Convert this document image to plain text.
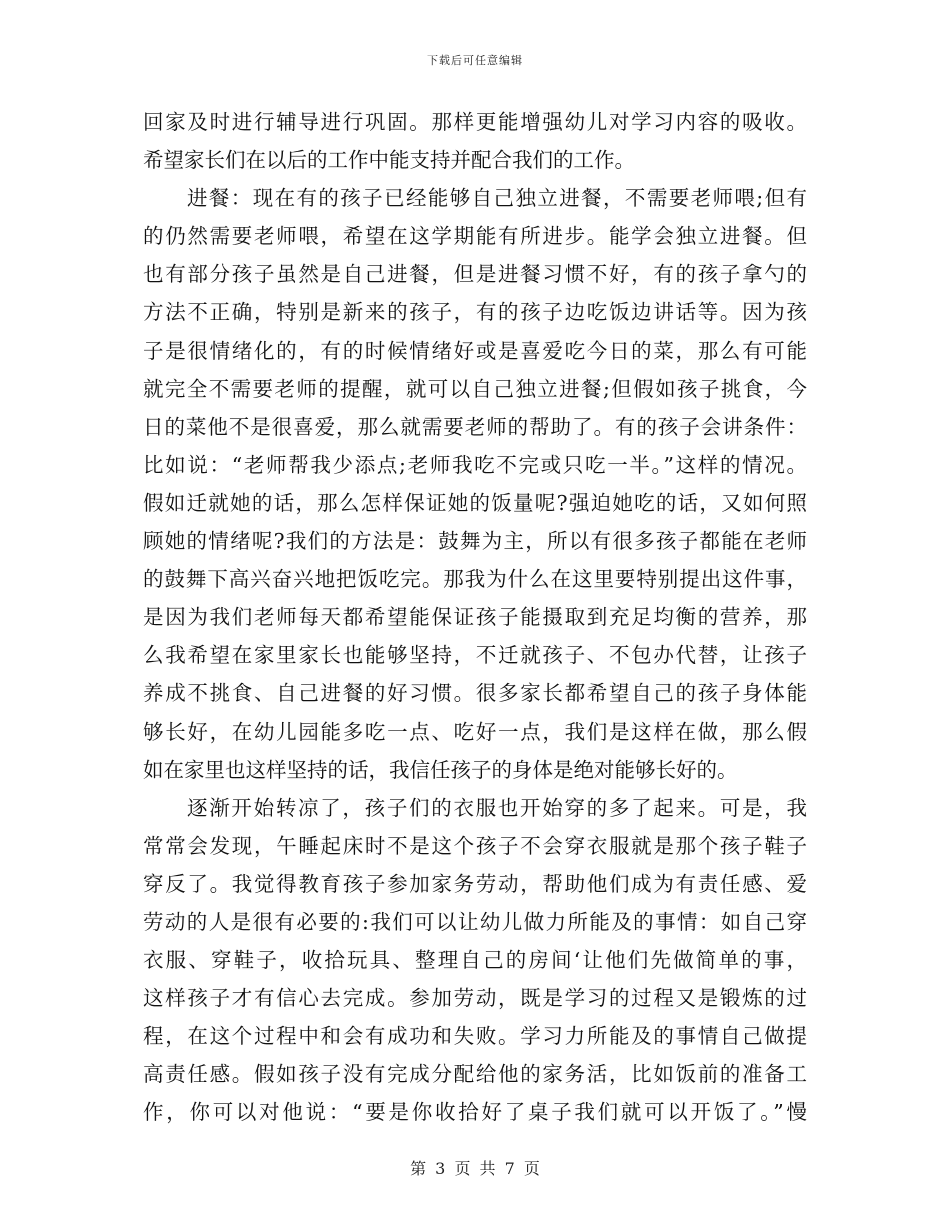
下载后可任意编辑
回家及时进行辅导进行巩固。那样更能增强幼儿对学习内容的吸收。
希望家长们在以后的工作中能支持并配合我们的工作。
进餐：现在有的孩子已经能够自己独立进餐，不需要老师喂;但有
的仍然需要老师喂，希望在这学期能有所进步。能学会独立进餐。但
也有部分孩子虽然是自己进餐，但是进餐习惯不好，有的孩子拿勺的
方法不正确，特别是新来的孩子，有的孩子边吃饭边讲话等。因为孩
子是很情绪化的，有的时候情绪好或是喜爱吃今日的菜，那么有可能
就完全不需要老师的提醒，就可以自己独立进餐;但假如孩子挑食，今
日的菜他不是很喜爱，那么就需要老师的帮助了。有的孩子会讲条件：
比如说：“老师帮我少添点;老师我吃不完或只吃一半。”这样的情况。
假如迁就她的话，那么怎样保证她的饭量呢?强迫她吃的话，又如何照
顾她的情绪呢?我们的方法是：鼓舞为主，所以有很多孩子都能在老师
的鼓舞下高兴奋兴地把饭吃完。那我为什么在这里要特别提出这件事，
是因为我们老师每天都希望能保证孩子能摄取到充足均衡的营养，那
么我希望在家里家长也能够坚持，不迁就孩子、不包办代替，让孩子
养成不挑食、自己进餐的好习惯。很多家长都希望自己的孩子身体能
够长好，在幼儿园能多吃一点、吃好一点，我们是这样在做，那么假
如在家里也这样坚持的话，我信任孩子的身体是绝对能够长好的。
逐渐开始转凉了，孩子们的衣服也开始穿的多了起来。可是，我
常常会发现，午睡起床时不是这个孩子不会穿衣服就是那个孩子鞋子
穿反了。我觉得教育孩子参加家务劳动，帮助他们成为有责任感、爱
劳动的人是很有必要的:我们可以让幼儿做力所能及的事情：如自己穿
衣服、穿鞋子，收拾玩具、整理自己的房间‘让他们先做简单的事，
这样孩子才有信心去完成。参加劳动，既是学习的过程又是锻炼的过
程，在这个过程中和会有成功和失败。学习力所能及的事情自己做提
高责任感。假如孩子没有完成分配给他的家务活，比如饭前的准备工
作，你可以对他说：“要是你收拾好了桌子我们就可以开饭了。”慢
第 3 页 共 7 页
